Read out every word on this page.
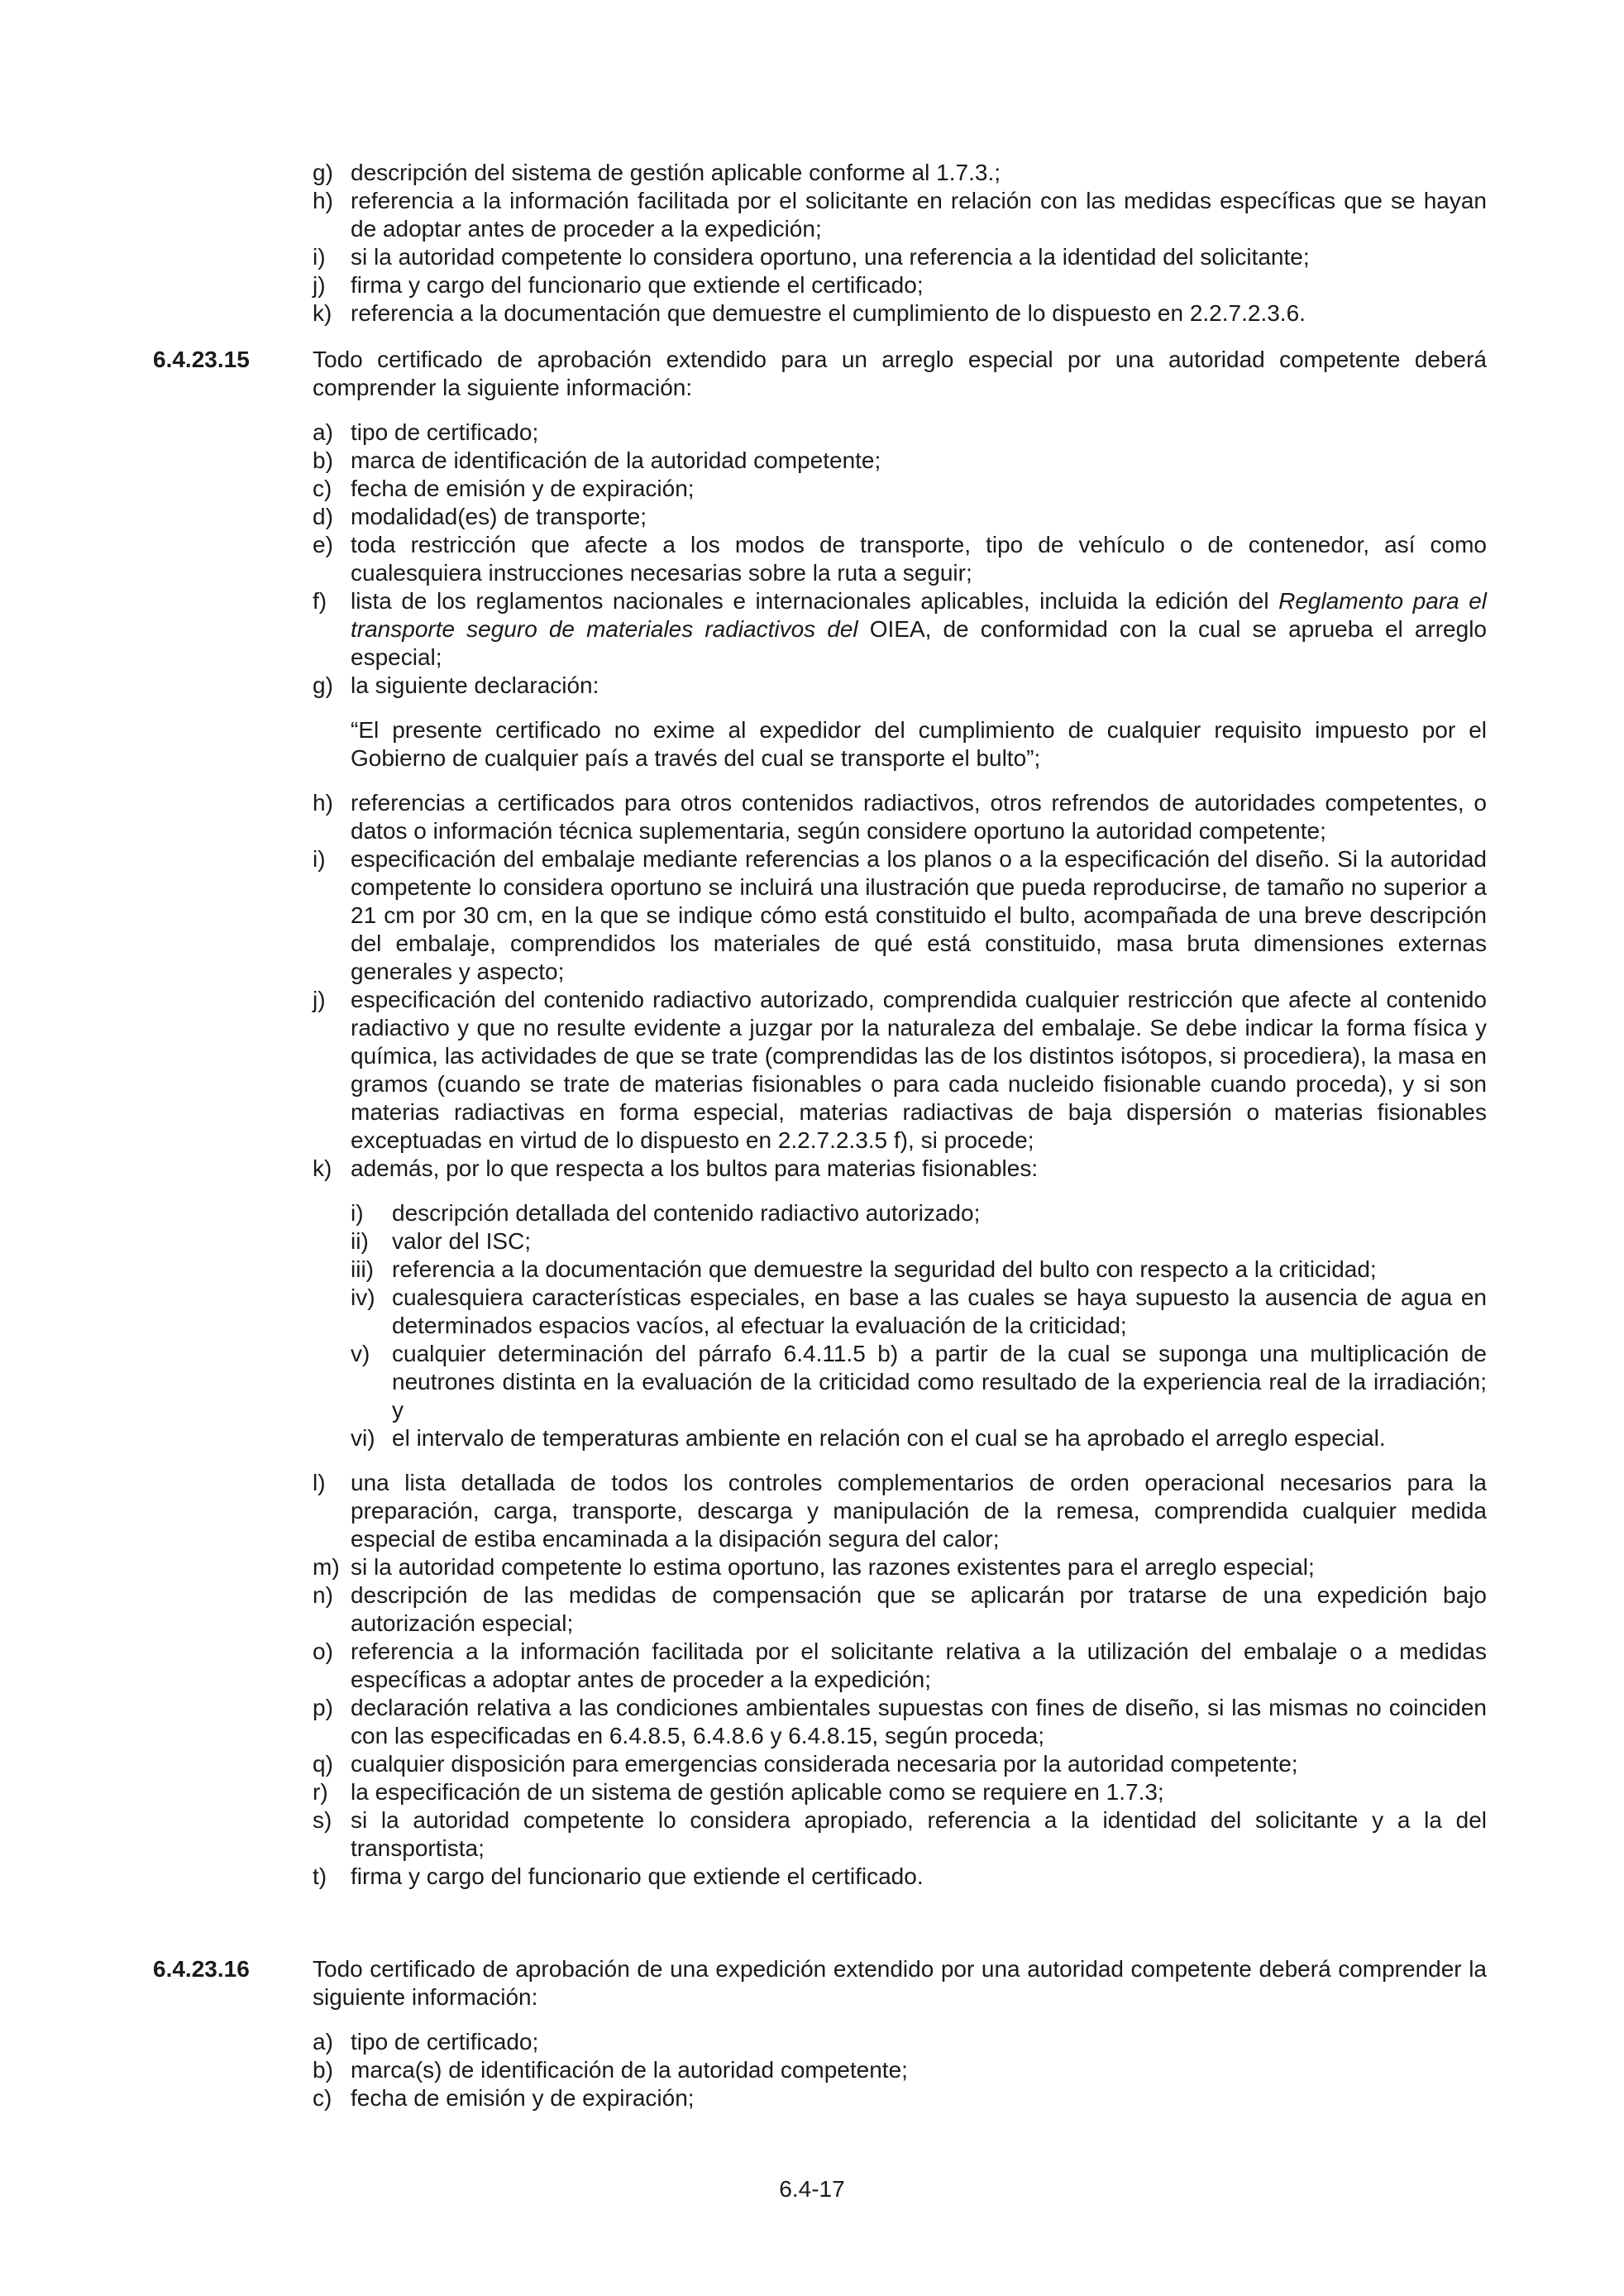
g) descripción del sistema de gestión aplicable conforme al 1.7.3.;
h) referencia a la información facilitada por el solicitante en relación con las medidas específicas que se hayan de adoptar antes de proceder a la expedición;
i) si la autoridad competente lo considera oportuno, una referencia a la identidad del solicitante;
j) firma y cargo del funcionario que extiende el certificado;
k) referencia a la documentación que demuestre el cumplimiento de lo dispuesto en 2.2.7.2.3.6.
6.4.23.15	Todo certificado de aprobación extendido para un arreglo especial por una autoridad competente deberá comprender la siguiente información:
a) tipo de certificado;
b) marca de identificación de la autoridad competente;
c) fecha de emisión y de expiración;
d) modalidad(es) de transporte;
e) toda restricción que afecte a los modos de transporte, tipo de vehículo o de contenedor, así como cualesquiera instrucciones necesarias sobre la ruta a seguir;
f) lista de los reglamentos nacionales e internacionales aplicables, incluida la edición del Reglamento para el transporte seguro de materiales radiactivos del OIEA, de conformidad con la cual se aprueba el arreglo especial;
g) la siguiente declaración:
“El presente certificado no exime al expedidor del cumplimiento de cualquier requisito impuesto por el Gobierno de cualquier país a través del cual se transporte el bulto”;
h) referencias a certificados para otros contenidos radiactivos, otros refrendos de autoridades competentes, o datos o información técnica suplementaria, según considere oportuno la autoridad competente;
i) especificación del embalaje mediante referencias a los planos o a la especificación del diseño. Si la autoridad competente lo considera oportuno se incluirá una ilustración que pueda reproducirse, de tamaño no superior a 21 cm por 30 cm, en la que se indique cómo está constituido el bulto, acompañada de una breve descripción del embalaje, comprendidos los materiales de qué está constituido, masa bruta dimensiones externas generales y aspecto;
j) especificación del contenido radiactivo autorizado, comprendida cualquier restricción que afecte al contenido radiactivo y que no resulte evidente a juzgar por la naturaleza del embalaje. Se debe indicar la forma física y química, las actividades de que se trate (comprendidas las de los distintos isótopos, si procediera), la masa en gramos (cuando se trate de materias fisionables o para cada nucleido fisionable cuando proceda), y si son materias radiactivas en forma especial, materias radiactivas de baja dispersión o materias fisionables exceptuadas en virtud de lo dispuesto en 2.2.7.2.3.5 f), si procede;
k) además, por lo que respecta a los bultos para materias fisionables:
i) descripción detallada del contenido radiactivo autorizado;
ii) valor del ISC;
iii) referencia a la documentación que demuestre la seguridad del bulto con respecto a la criticidad;
iv) cualesquiera características especiales, en base a las cuales se haya supuesto la ausencia de agua en determinados espacios vacíos, al efectuar la evaluación de la criticidad;
v) cualquier determinación del párrafo 6.4.11.5 b) a partir de la cual se suponga una multiplicación de neutrones distinta en la evaluación de la criticidad como resultado de la experiencia real de la irradiación; y
vi) el intervalo de temperaturas ambiente en relación con el cual se ha aprobado el arreglo especial.
l) una lista detallada de todos los controles complementarios de orden operacional necesarios para la preparación, carga, transporte, descarga y manipulación de la remesa, comprendida cualquier medida especial de estiba encaminada a la disipación segura del calor;
m) si la autoridad competente lo estima oportuno, las razones existentes para el arreglo especial;
n) descripción de las medidas de compensación que se aplicarán por tratarse de una expedición bajo autorización especial;
o) referencia a la información facilitada por el solicitante relativa a la utilización del embalaje o a medidas específicas a adoptar antes de proceder a la expedición;
p) declaración relativa a las condiciones ambientales supuestas con fines de diseño, si las mismas no coinciden con las especificadas en 6.4.8.5, 6.4.8.6 y 6.4.8.15, según proceda;
q) cualquier disposición para emergencias considerada necesaria por la autoridad competente;
r) la especificación de un sistema de gestión aplicable como se requiere en 1.7.3;
s) si la autoridad competente lo considera apropiado, referencia a la identidad del solicitante y a la del transportista;
t) firma y cargo del funcionario que extiende el certificado.
6.4.23.16	Todo certificado de aprobación de una expedición extendido por una autoridad competente deberá comprender la siguiente información:
a) tipo de certificado;
b) marca(s) de identificación de la autoridad competente;
c) fecha de emisión y de expiración;
6.4-17
